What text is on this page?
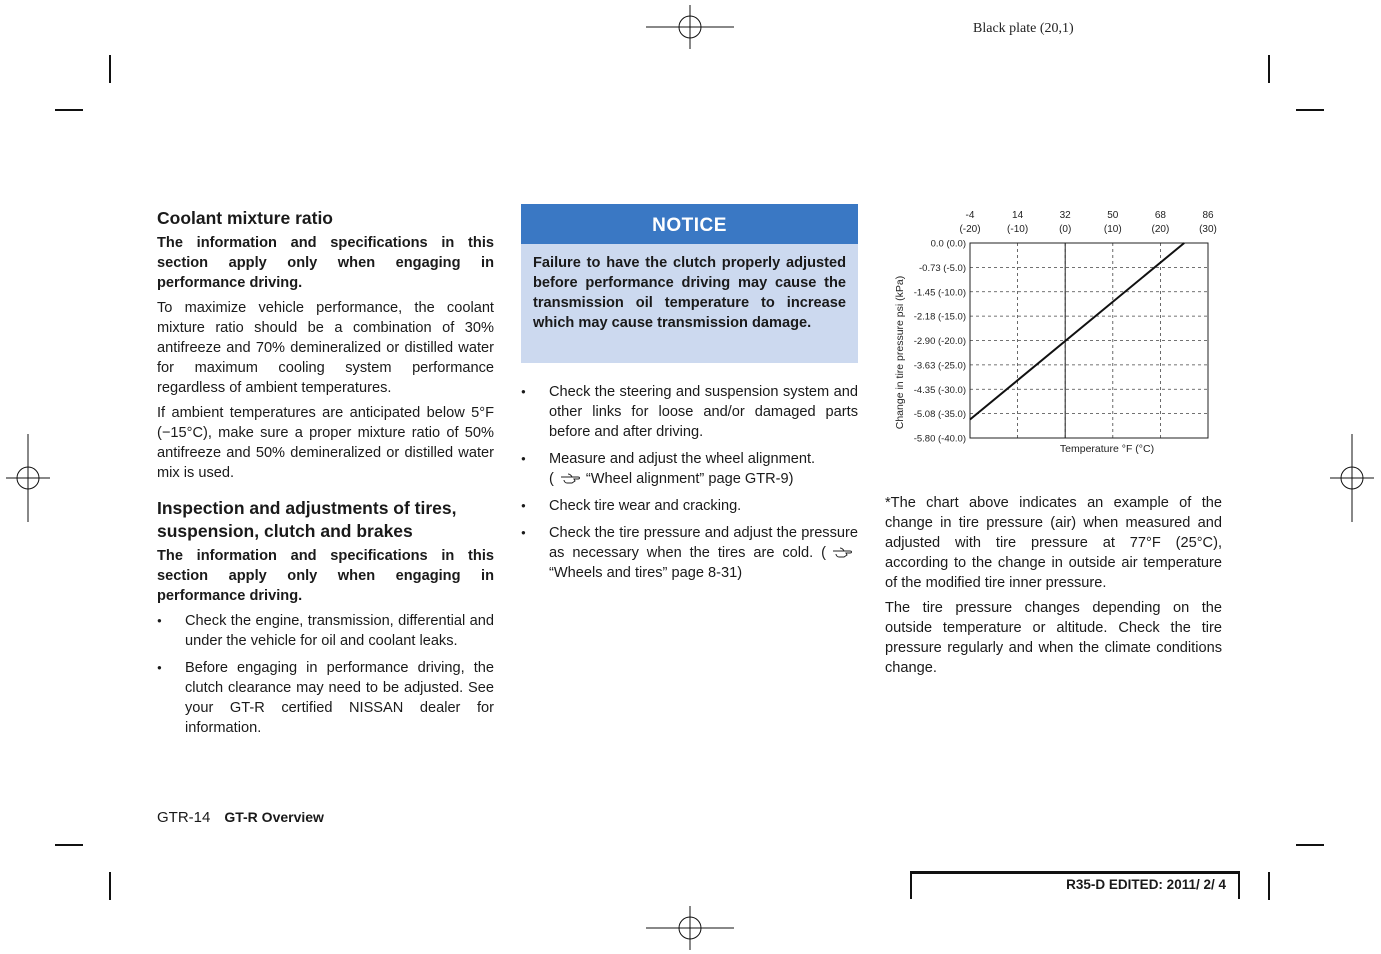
Black plate (20,1)
Coolant mixture ratio

The information and specifications in this section apply only when engaging in performance driving.

To maximize vehicle performance, the coolant mixture ratio should be a combination of 30% antifreeze and 70% demineralized or distilled water for maximum cooling system performance regardless of ambient temperatures.

If ambient temperatures are anticipated below 5°F (−15°C), make sure a proper mixture ratio of 50% antifreeze and 50% demineralized or distilled water mix is used.

Inspection and adjustments of tires, suspension, clutch and brakes

The information and specifications in this section apply only when engaging in performance driving.

● Check the engine, transmission, differential and under the vehicle for oil and coolant leaks.
● Before engaging in performance driving, the clutch clearance may need to be adjusted. See your GT-R certified NISSAN dealer for information.
NOTICE
Failure to have the clutch properly adjusted before performance driving may cause the transmission oil temperature to increase which may cause transmission damage.
● Check the steering and suspension system and other links for loose and/or damaged parts before and after driving.
● Measure and adjust the wheel alignment.
( “Wheel alignment” page GTR-9)
● Check tire wear and cracking.
● Check the tire pressure and adjust the pressure as necessary when the tires are cold. (“Wheels and tires” page 8-31)
-4
(-20)
14
(-10)
32
(0)
50
(10)
68
(20)
86
(30)
0.0 (0.0)
-0.73 (-5.0)
-1.45 (-10.0)
-2.18 (-15.0)
-2.90 (-20.0)
-3.63 (-25.0)
-4.35 (-30.0)
-5.08 (-35.0)
-5.80 (-40.0)
Temperature °F (°C)
Change in tire pressure psi (kPa)

*The chart above indicates an example of the change in tire pressure (air) when measured and adjusted with tire pressure at 77°F (25°C), according to the change in outside air temperature of the modified tire inner pressure.

The tire pressure changes depending on the outside temperature or altitude. Check the tire pressure regularly and when the climate conditions change.

GTR-14 GT-R Overview
R35-D EDITED: 2011/ 2/ 4
